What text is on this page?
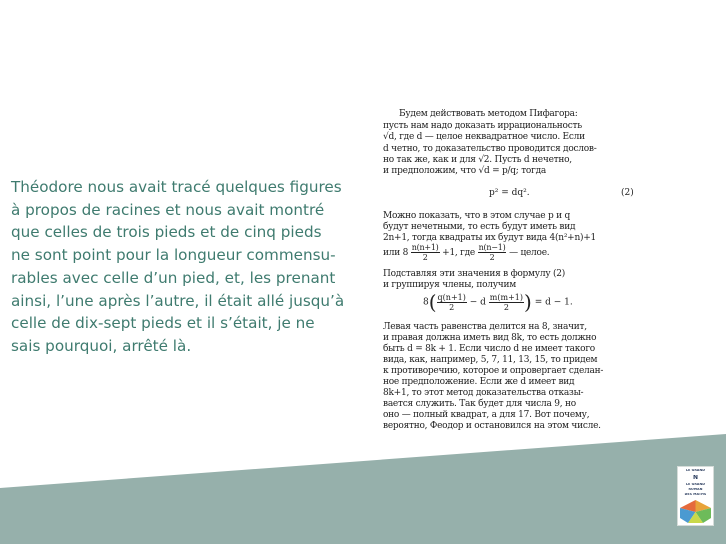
Théodore nous avait tracé quelques figures
à propos de racines et nous avait montré
que celles de trois pieds et de cinq pieds
ne sont point pour la longueur commensu-
rables avec celle d’un pied, et, les prenant
ainsi, l’une après l’autre, il était allé jusqu’à
celle de dix-sept pieds et il s’était, je ne
sais pourquoi, arrêté là.
Будем действовать методом Пифагора:
пусть нам надо доказать иррациональность
√d, где d — целое неквадратное число. Если
d четно, то доказательство проводится дослов-
но так же, как и для √2. Пусть d нечетно,
и предположим, что √d = p/q; тогда
p² = dq².	(2)
Можно показать, что в этом случае p и q
будут нечетными, то есть будут иметь вид
2n+1, тогда квадраты их будут вида 4(n²+n)+1
или $8 \frac{n(n+1)}{2} +1$, где $\frac{n(n-1)}{2}$ — целое.
Подставляя эти значения в формулу (2)
и группируя члены, получим
$8( \frac{q(n+1)}{2} - d \frac{m(m+1)}{2}$ ) = d − 1.
Левая часть равенства делится на 8, значит,
и правая должна иметь вид 8k, то есть должно
быть d = 8k + 1. Если число d не имеет такого
вида, как, например, 5, 7, 11, 13, 15, то придем
к противоречию, которое и опровергает сделан-
ное предположение. Если же d имеет вид
8k+1, то этот метод доказательства отказы-
вается служить. Так будет для числа 9, но
оно — полный квадрат, а для 17. Вот почему,
вероятно, Феодор и остановился на этом числе.
LE GRAND
N
LE GRAND
ROMAN
DES MATHS
